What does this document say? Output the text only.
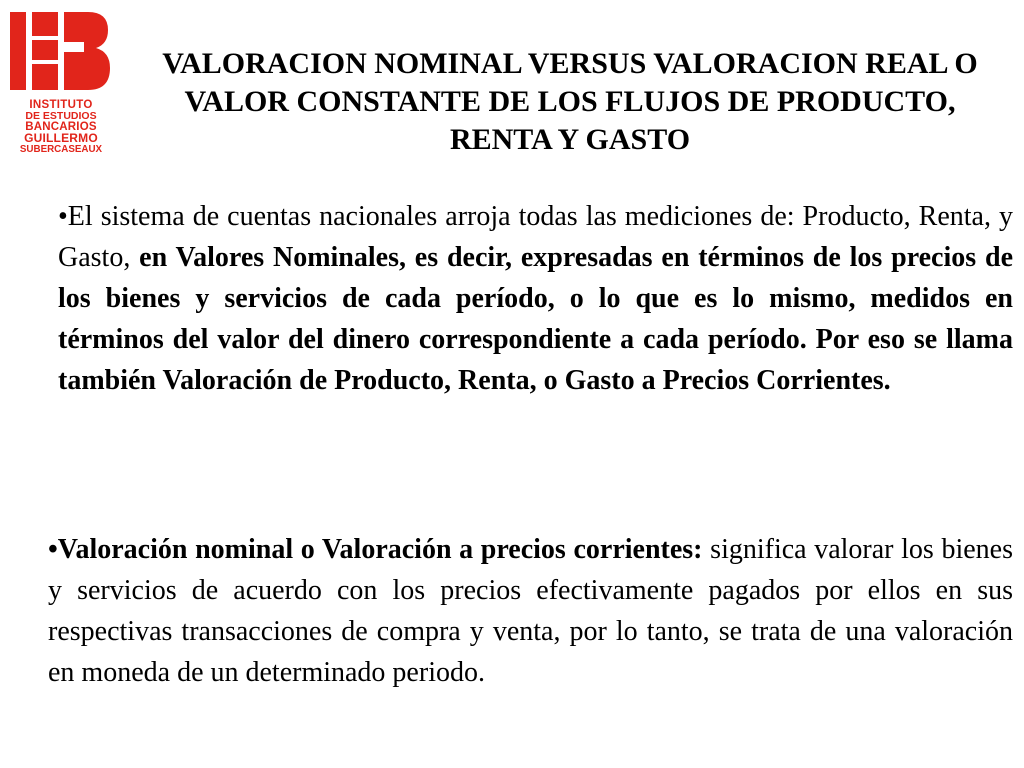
INSTITUTO
DE ESTUDIOS
BANCARIOS
GUILLERMO
SUBERCASEAUX
VALORACION NOMINAL VERSUS VALORACION REAL O VALOR CONSTANTE DE LOS FLUJOS DE PRODUCTO, RENTA Y GASTO
•El sistema de cuentas nacionales arroja todas las mediciones de: Producto, Renta, y Gasto, en Valores Nominales, es decir, expresadas en términos de los precios de los bienes y servicios de cada período, o lo que es lo mismo, medidos en términos del valor del dinero correspondiente a cada período. Por eso se llama también Valoración de Producto, Renta, o Gasto a Precios Corrientes.
•Valoración nominal o Valoración a precios corrientes: significa valorar los bienes y servicios de acuerdo con los precios efectivamente pagados por ellos en sus respectivas transacciones de compra y venta, por lo tanto, se trata de una valoración en moneda de un determinado periodo.
